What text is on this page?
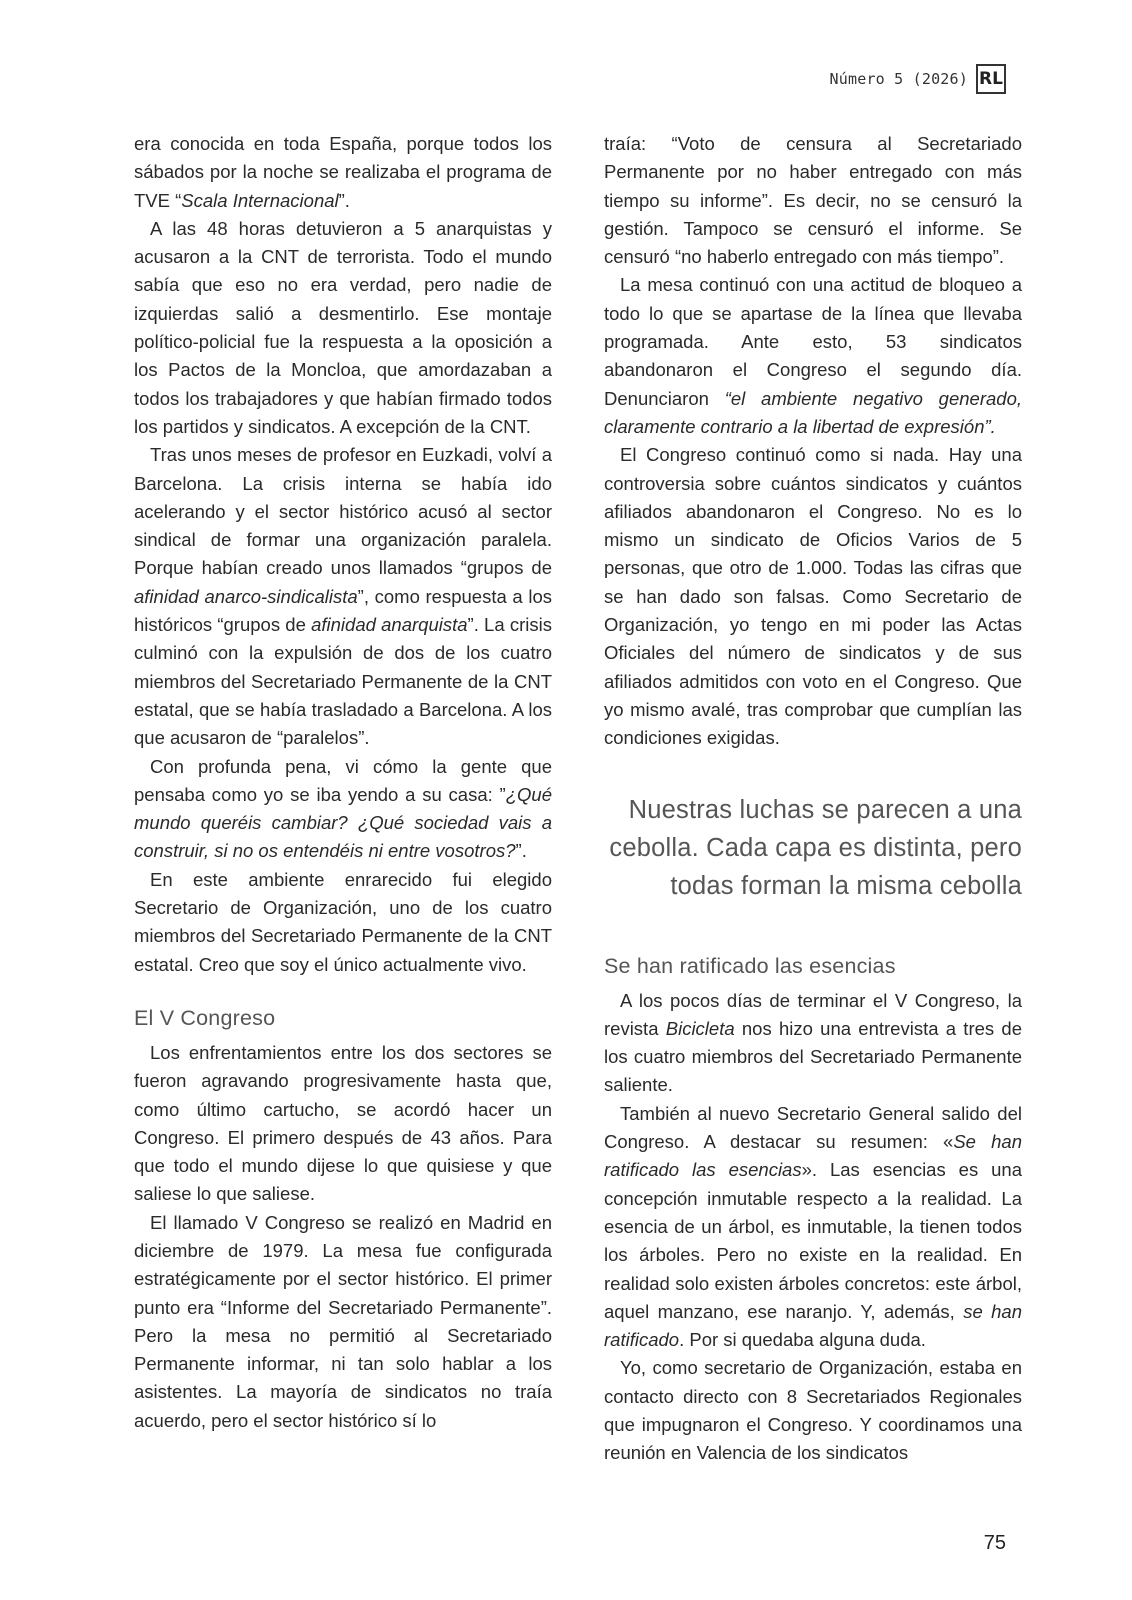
Número 5 (2026) RL

era conocida en toda España, porque todos los sábados por la noche se realizaba el programa de TVE “Scala Internacional”.

A las 48 horas detuvieron a 5 anarquistas y acusaron a la CNT de terrorista. Todo el mundo sabía que eso no era verdad, pero nadie de izquierdas salió a desmentirlo. Ese montaje político-policial fue la respuesta a la oposición a los Pactos de la Moncloa, que amordazaban a todos los trabajadores y que habían firmado todos los partidos y sindicatos. A excepción de la CNT.

Tras unos meses de profesor en Euzkadi, volví a Barcelona. La crisis interna se había ido acelerando y el sector histórico acusó al sector sindical de formar una organización paralela. Porque habían creado unos llamados “grupos de afinidad anarco-sindicalista”, como respuesta a los históricos “grupos de afinidad anarquista”. La crisis culminó con la expulsión de dos de los cuatro miembros del Secretariado Permanente de la CNT estatal, que se había trasladado a Barcelona. A los que acusaron de “paralelos”.

Con profunda pena, vi cómo la gente que pensaba como yo se iba yendo a su casa: ”¿Qué mundo queréis cambiar? ¿Qué sociedad vais a construir, si no os entendéis ni entre vosotros?”.

En este ambiente enrarecido fui elegido Secretario de Organización, uno de los cuatro miembros del Secretariado Permanente de la CNT estatal. Creo que soy el único actualmente vivo.

El V Congreso

Los enfrentamientos entre los dos sectores se fueron agravando progresivamente hasta que, como último cartucho, se acordó hacer un Congreso. El primero después de 43 años. Para que todo el mundo dijese lo que quisiese y que saliese lo que saliese.

El llamado V Congreso se realizó en Madrid en diciembre de 1979. La mesa fue configurada estratégicamente por el sector histórico. El primer punto era “Informe del Secretariado Permanente”. Pero la mesa no permitió al Secretariado Permanente informar, ni tan solo hablar a los asistentes. La mayoría de sindicatos no traía acuerdo, pero el sector histórico sí lo

traía: “Voto de censura al Secretariado Permanente por no haber entregado con más tiempo su informe”. Es decir, no se censuró la gestión. Tampoco se censuró el informe. Se censuró “no haberlo entregado con más tiempo”.

La mesa continuó con una actitud de bloqueo a todo lo que se apartase de la línea que llevaba programada. Ante esto, 53 sindicatos abandonaron el Congreso el segundo día. Denunciaron “el ambiente negativo generado, claramente contrario a la libertad de expresión”.

El Congreso continuó como si nada. Hay una controversia sobre cuántos sindicatos y cuántos afiliados abandonaron el Congreso. No es lo mismo un sindicato de Oficios Varios de 5 personas, que otro de 1.000. Todas las cifras que se han dado son falsas. Como Secretario de Organización, yo tengo en mi poder las Actas Oficiales del número de sindicatos y de sus afiliados admitidos con voto en el Congreso. Que yo mismo avalé, tras comprobar que cumplían las condiciones exigidas.

Nuestras luchas se parecen a una cebolla. Cada capa es distinta, pero todas forman la misma cebolla
Se han ratificado las esencias

A los pocos días de terminar el V Congreso, la revista Bicicleta nos hizo una entrevista a tres de los cuatro miembros del Secretariado Permanente saliente.

También al nuevo Secretario General salido del Congreso. A destacar su resumen: «Se han ratificado las esencias». Las esencias es una concepción inmutable respecto a la realidad. La esencia de un árbol, es inmutable, la tienen todos los árboles. Pero no existe en la realidad. En realidad solo existen árboles concretos: este árbol, aquel manzano, ese naranjo. Y, además, se han ratificado. Por si quedaba alguna duda.

Yo, como secretario de Organización, estaba en contacto directo con 8 Secretariados Regionales que impugnaron el Congreso. Y coordinamos una reunión en Valencia de los sindicatos

75
